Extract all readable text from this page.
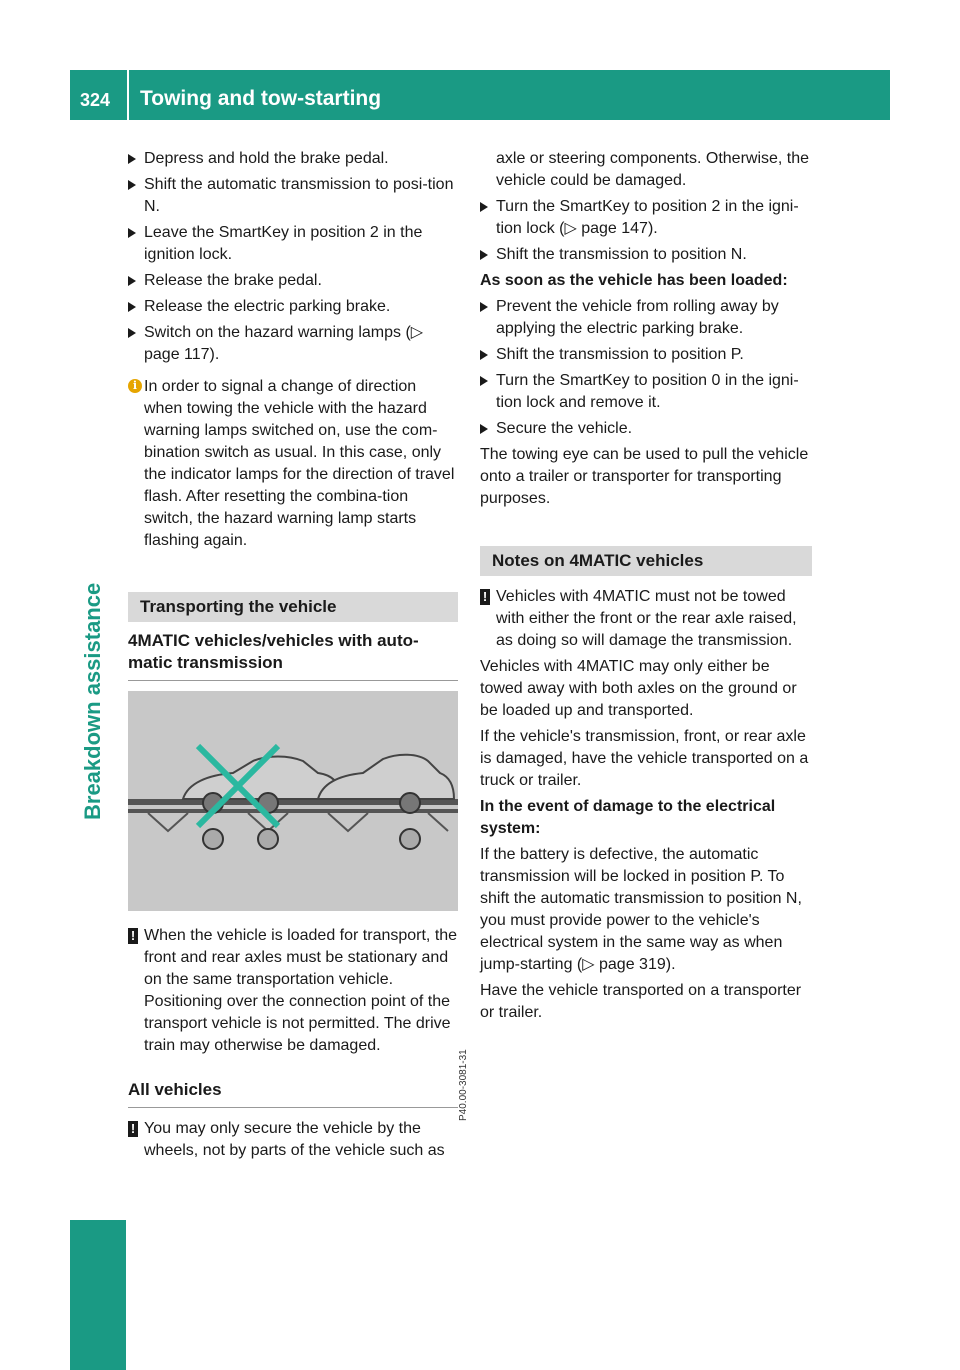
324 Towing and tow-starting
Breakdown assistance
Depress and hold the brake pedal.
Shift the automatic transmission to posi-tion N.
Leave the SmartKey in position 2 in the ignition lock.
Release the brake pedal.
Release the electric parking brake.
Switch on the hazard warning lamps (▷ page 117).
i In order to signal a change of direction when towing the vehicle with the hazard warning lamps switched on, use the com-bination switch as usual. In this case, only the indicator lamps for the direction of travel flash. After resetting the combina-tion switch, the hazard warning lamp starts flashing again.
Transporting the vehicle
4MATIC vehicles/vehicles with auto-matic transmission
P40.00-3081-31
! When the vehicle is loaded for transport, the front and rear axles must be stationary and on the same transportation vehicle. Positioning over the connection point of the transport vehicle is not permitted. The drive train may otherwise be damaged.
All vehicles
! You may only secure the vehicle by the wheels, not by parts of the vehicle such as

axle or steering components. Otherwise, the vehicle could be damaged.

Turn the SmartKey to position 2 in the igni-tion lock (▷ page 147).
Shift the transmission to position N.
As soon as the vehicle has been loaded:
Prevent the vehicle from rolling away by applying the electric parking brake.
Shift the transmission to position P.
Turn the SmartKey to position 0 in the igni-tion lock and remove it.
Secure the vehicle.

The towing eye can be used to pull the vehicle onto a trailer or transporter for transporting purposes.

Notes on 4MATIC vehicles
! Vehicles with 4MATIC must not be towed with either the front or the rear axle raised, as doing so will damage the transmission.

Vehicles with 4MATIC may only either be towed away with both axles on the ground or be loaded up and transported.

If the vehicle's transmission, front, or rear axle is damaged, have the vehicle transported on a truck or trailer.

In the event of damage to the electrical system:

If the battery is defective, the automatic transmission will be locked in position P. To shift the automatic transmission to position N, you must provide power to the vehicle's electrical system in the same way as when jump-starting (▷ page 319).

Have the vehicle transported on a transporter or trailer.
